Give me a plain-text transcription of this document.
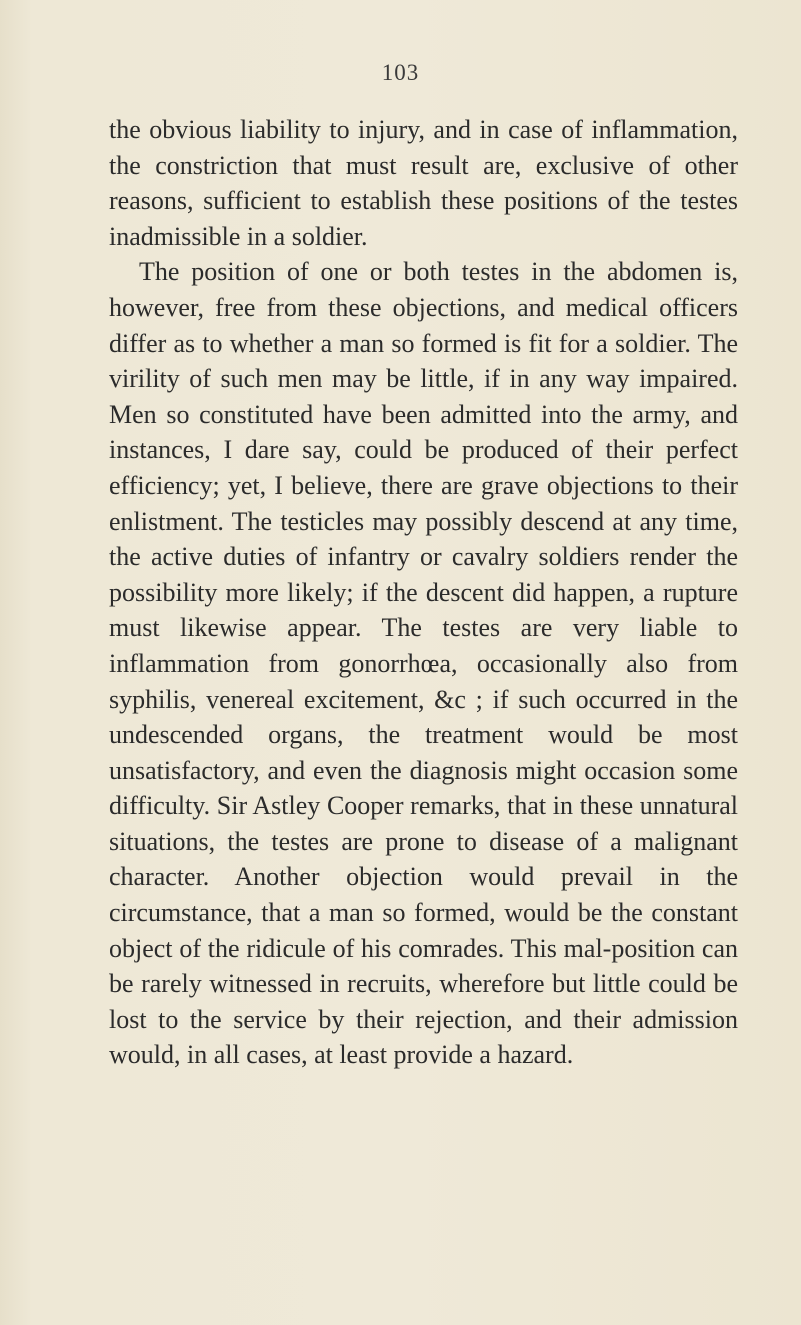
103

the obvious liability to injury, and in case of inflammation, the constriction that must result are, exclusive of other reasons, sufficient to establish these positions of the testes inadmissible in a soldier.

The position of one or both testes in the abdomen is, however, free from these objections, and medical officers differ as to whether a man so formed is fit for a soldier. The virility of such men may be little, if in any way impaired. Men so constituted have been admitted into the army, and instances, I dare say, could be produced of their perfect efficiency; yet, I believe, there are grave objections to their enlistment. The testicles may possibly descend at any time, the active duties of infantry or cavalry soldiers render the possibility more likely; if the descent did happen, a rupture must likewise appear. The testes are very liable to inflammation from gonorrhœa, occasionally also from syphilis, venereal excitement, &c ; if such occurred in the undescended organs, the treatment would be most unsatisfactory, and even the diagnosis might occasion some difficulty. Sir Astley Cooper remarks, that in these unnatural situations, the testes are prone to disease of a malignant character. Another objection would prevail in the circumstance, that a man so formed, would be the constant object of the ridicule of his comrades. This mal-position can be rarely witnessed in recruits, wherefore but little could be lost to the service by their rejection, and their admission would, in all cases, at least provide a hazard.
